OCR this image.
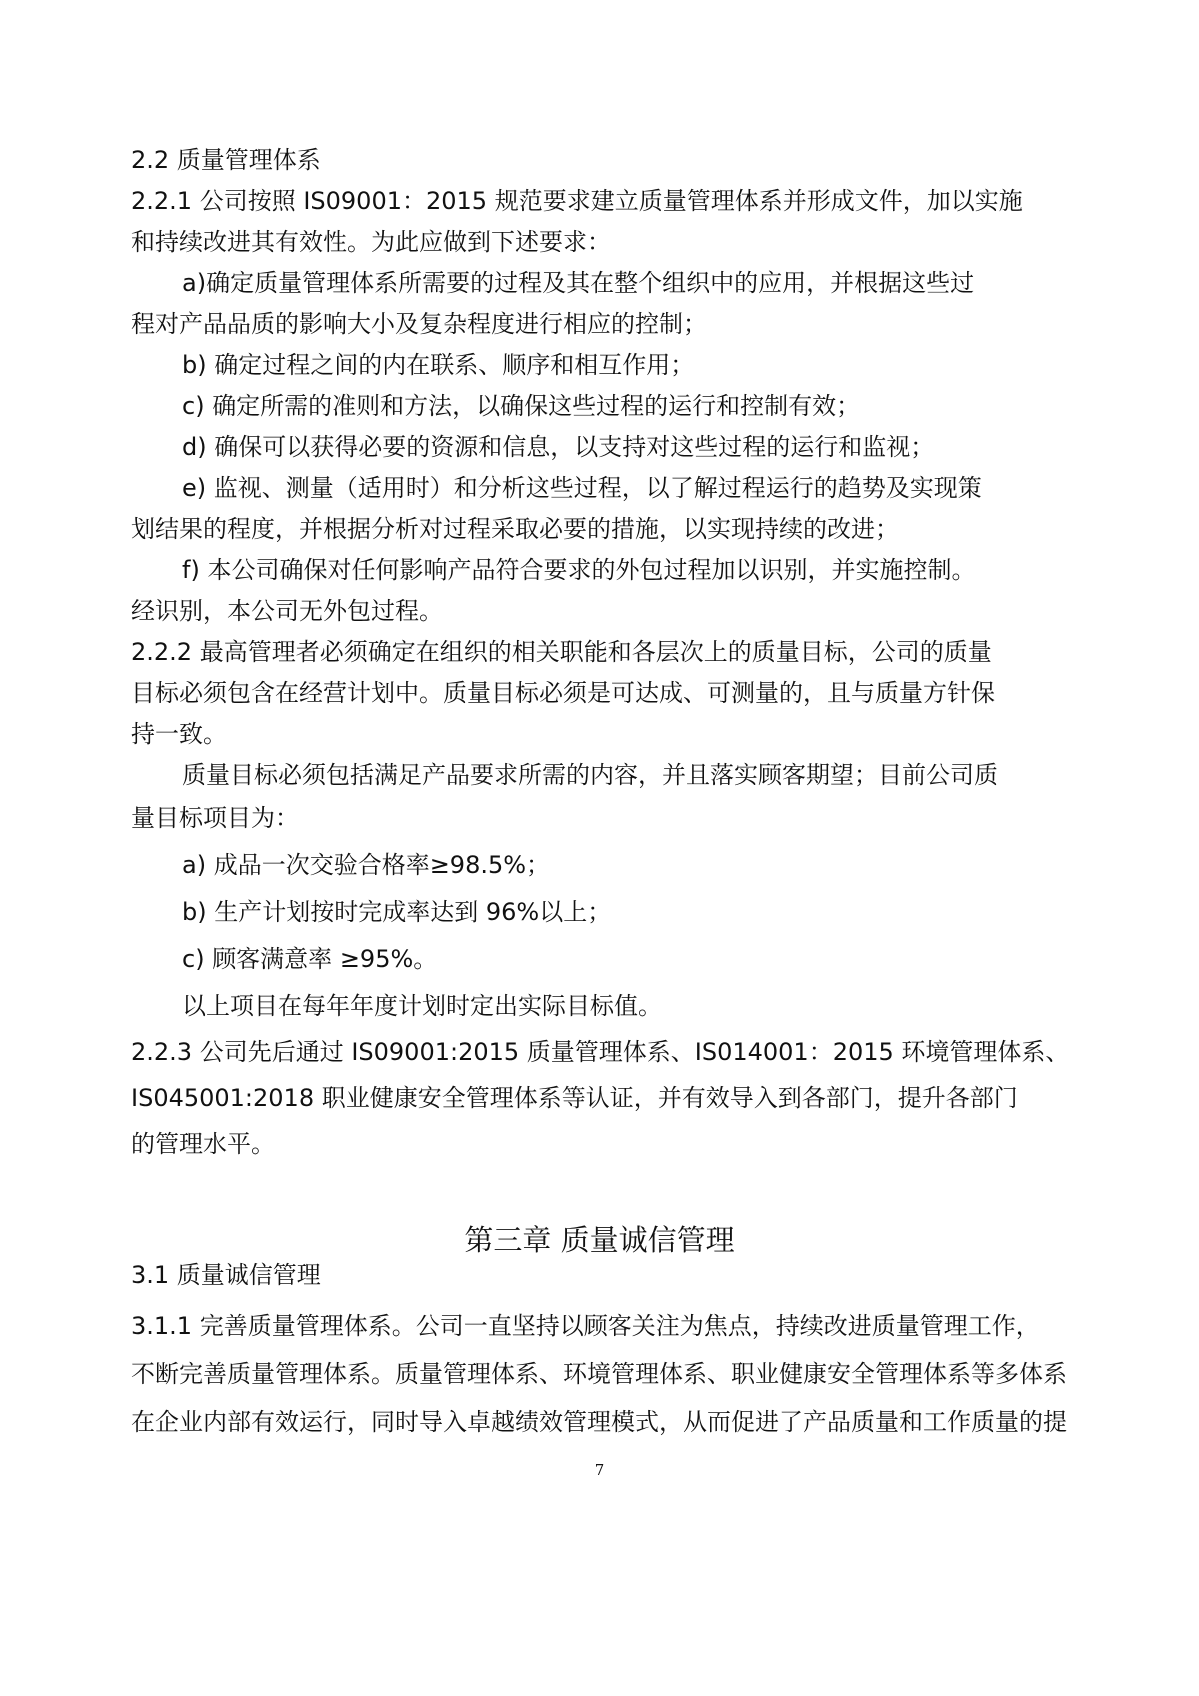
2.2 质量管理体系
2.2.1 公司按照 IS09001：2015 规范要求建立质量管理体系并形成文件，加以实施
和持续改进其有效性。为此应做到下述要求：
a)确定质量管理体系所需要的过程及其在整个组织中的应用，并根据这些过
程对产品品质的影响大小及复杂程度进行相应的控制；
b) 确定过程之间的内在联系、顺序和相互作用；
c) 确定所需的准则和方法，以确保这些过程的运行和控制有效；
d) 确保可以获得必要的资源和信息，以支持对这些过程的运行和监视；
e) 监视、测量（适用时）和分析这些过程，以了解过程运行的趋势及实现策
划结果的程度，并根据分析对过程采取必要的措施，以实现持续的改进；
f) 本公司确保对任何影响产品符合要求的外包过程加以识别，并实施控制。
经识别，本公司无外包过程。
2.2.2 最高管理者必须确定在组织的相关职能和各层次上的质量目标，公司的质量
目标必须包含在经营计划中。质量目标必须是可达成、可测量的，且与质量方针保
持一致。
质量目标必须包括满足产品要求所需的内容，并且落实顾客期望；目前公司质
量目标项目为：
a) 成品一次交验合格率≥98.5%；
b) 生产计划按时完成率达到 96%以上；
c) 顾客满意率 ≥95%。
以上项目在每年年度计划时定出实际目标值。
2.2.3 公司先后通过 IS09001:2015 质量管理体系、IS014001：2015 环境管理体系、
IS045001:2018 职业健康安全管理体系等认证，并有效导入到各部门，提升各部门
的管理水平。
第三章 质量诚信管理
3.1 质量诚信管理
3.1.1 完善质量管理体系。公司一直坚持以顾客关注为焦点，持续改进质量管理工作，
不断完善质量管理体系。质量管理体系、环境管理体系、职业健康安全管理体系等多体系
在企业内部有效运行，同时导入卓越绩效管理模式，从而促进了产品质量和工作质量的提
7
